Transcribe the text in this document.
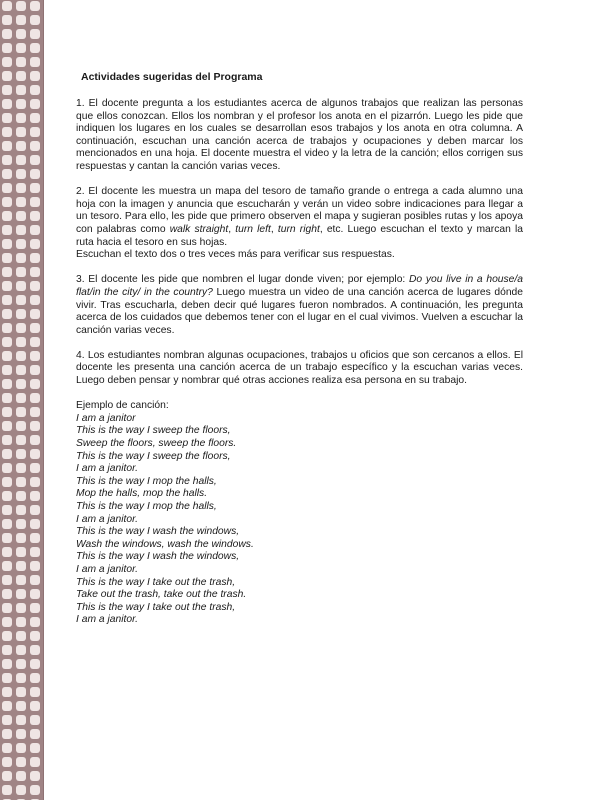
Actividades sugeridas del Programa

1. El docente pregunta a los estudiantes acerca de algunos trabajos que realizan las personas que ellos conozcan. Ellos los nombran y el profesor los anota en el pizarrón. Luego les pide que indiquen los lugares en los cuales se desarrollan esos trabajos y los anota en otra columna. A continuación, escuchan una canción acerca de trabajos y ocupaciones y deben marcar los mencionados en una hoja. El docente muestra el video y la letra de la canción; ellos corrigen sus respuestas y cantan la canción varias veces.

2. El docente les muestra un mapa del tesoro de tamaño grande o entrega a cada alumno una hoja con la imagen y anuncia que escucharán y verán un video sobre indicaciones para llegar a un tesoro. Para ello, les pide que primero observen el mapa y sugieran posibles rutas y los apoya con palabras como walk straight, turn left, turn right, etc. Luego escuchan el texto y marcan la ruta hacia el tesoro en sus hojas.

Escuchan el texto dos o tres veces más para verificar sus respuestas.

3. El docente les pide que nombren el lugar donde viven; por ejemplo: Do you live in a house/a flat/in the city/ in the country? Luego muestra un video de una canción acerca de lugares dónde vivir. Tras escucharla, deben decir qué lugares fueron nombrados. A continuación, les pregunta acerca de los cuidados que debemos tener con el lugar en el cual vivimos. Vuelven a escuchar la canción varias veces.

4. Los estudiantes nombran algunas ocupaciones, trabajos u oficios que son cercanos a ellos. El docente les presenta una canción acerca de un trabajo específico y la escuchan varias veces. Luego deben pensar y nombrar qué otras acciones realiza esa persona en su trabajo.

Ejemplo de canción:

I am a janitor

This is the way I sweep the floors,

Sweep the floors, sweep the floors.

This is the way I sweep the floors,

I am a janitor.

This is the way I mop the halls,

Mop the halls, mop the halls.

This is the way I mop the halls,

I am a janitor.

This is the way I wash the windows,

Wash the windows, wash the windows.

This is the way I wash the windows,

I am a janitor.

This is the way I take out the trash,

Take out the trash, take out the trash.

This is the way I take out the trash,

I am a janitor.
